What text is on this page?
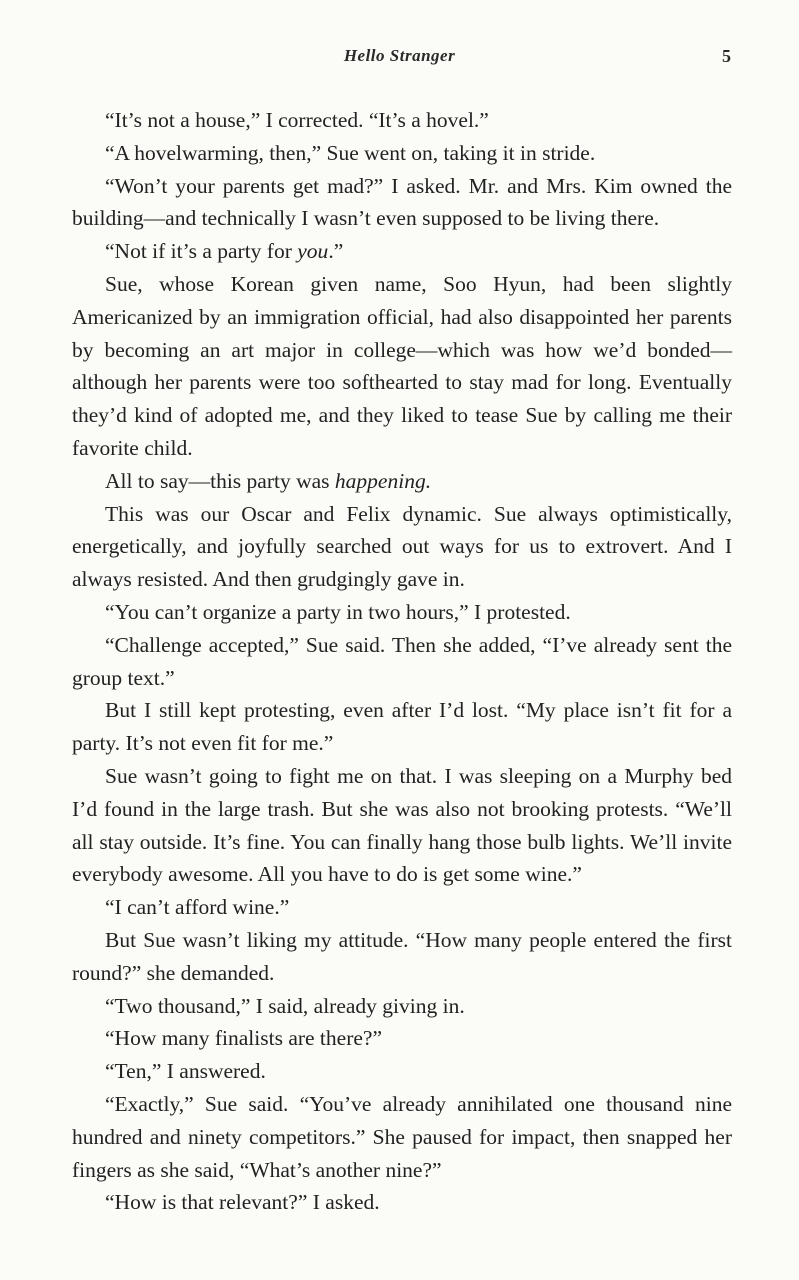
Hello Stranger	5

“It’s not a house,” I corrected. “It’s a hovel.”

“A hovelwarming, then,” Sue went on, taking it in stride.

“Won’t your parents get mad?” I asked. Mr. and Mrs. Kim owned the building—and technically I wasn’t even supposed to be living there.

“Not if it’s a party for you.”

Sue, whose Korean given name, Soo Hyun, had been slightly Americanized by an immigration official, had also disappointed her parents by becoming an art major in college—which was how we’d bonded—although her parents were too softhearted to stay mad for long. Eventually they’d kind of adopted me, and they liked to tease Sue by calling me their favorite child.

All to say—this party was happening.

This was our Oscar and Felix dynamic. Sue always optimistically, energetically, and joyfully searched out ways for us to extrovert. And I always resisted. And then grudgingly gave in.

“You can’t organize a party in two hours,” I protested.

“Challenge accepted,” Sue said. Then she added, “I’ve already sent the group text.”

But I still kept protesting, even after I’d lost. “My place isn’t fit for a party. It’s not even fit for me.”

Sue wasn’t going to fight me on that. I was sleeping on a Murphy bed I’d found in the large trash. But she was also not brooking protests. “We’ll all stay outside. It’s fine. You can finally hang those bulb lights. We’ll invite everybody awesome. All you have to do is get some wine.”

“I can’t afford wine.”

But Sue wasn’t liking my attitude. “How many people entered the first round?” she demanded.

“Two thousand,” I said, already giving in.

“How many finalists are there?”

“Ten,” I answered.

“Exactly,” Sue said. “You’ve already annihilated one thousand nine hundred and ninety competitors.” She paused for impact, then snapped her fingers as she said, “What’s another nine?”

“How is that relevant?” I asked.
